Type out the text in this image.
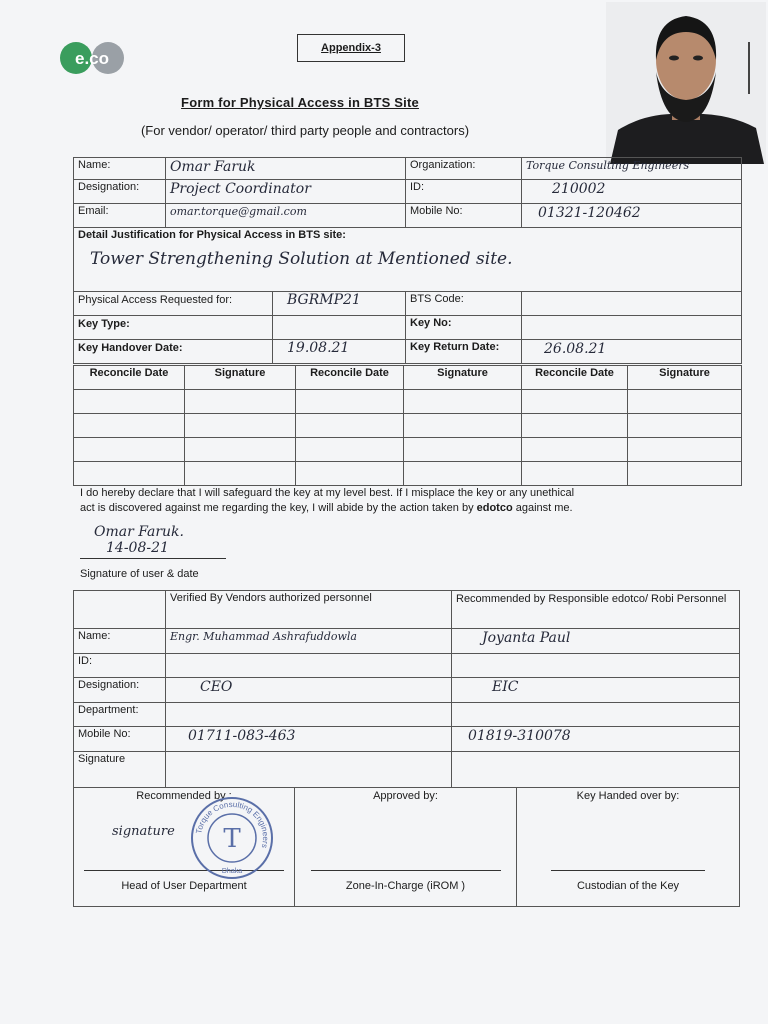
e.co
Appendix-3
Form for Physical Access in BTS Site
(For vendor/ operator/ third party people and contractors)
Name:	Omar Faruk	Organization:	Torque Consulting Engineers
Designation:	Project Coordinator	ID:	210002
Email:	omar.torque@gmail.com	Mobile No:	01321-120462

Detail Justification for Physical Access in BTS site:
Tower Strengthening Solution at Mentioned site.			

Physical Access Requested for: BGRMP21		BTS Code:	

Key Type:		Key No:	

Key Handover Date: 19.08.21		Key Return Date:	26.08.21
Reconcile Date	Signature	Reconcile Date	Signature	Reconcile Date	Signature

I do hereby declare that I will safeguard the key at my level best. If I misplace the key or any unethical
act is discovered against me regarding the key, I will abide by the action taken by edotco against me.
Omar Faruk.
14-08-21
Signature of user & date
	Verified By Vendors authorized personnel	Recommended by Responsible edotco/ Robi Personnel
Name:	Engr. Muhammad Ashrafuddowla	Joyanta Paul
ID:		
Designation:	CEO	EIC
Department:		
Mobile No:	01711-083-463	01819-310078
Signature		
Recommended by :
signature
Head of User Department

Approved by:
Zone-In-Charge (iROM )

Key Handed over by:
Custodian of the Key
Torque Consulting Engineers
T
Dhaka
